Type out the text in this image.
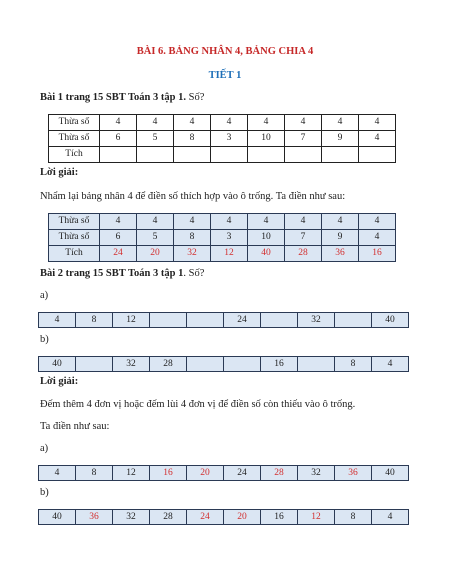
BÀI 6. BẢNG NHÂN 4, BẢNG CHIA 4
TIẾT 1
Bài 1 trang 15 SBT Toán 3 tập 1. Số?
Thừa số	4	4	4	4	4	4	4	4
Thừa số	6	5	8	3	10	7	9	4
Tích								
Lời giải:
Nhẩm lại bảng nhân 4 để điền số thích hợp vào ô trống. Ta điền như sau:
Thừa số	4	4	4	4	4	4	4	4
Thừa số	6	5	8	3	10	7	9	4
Tích	24	20	32	12	40	28	36	16
Bài 2 trang 15 SBT Toán 3 tập 1. Số?
a)
4	8	12			24		32		40
b)
40		32	28			16		8	4
Lời giải:
Đếm thêm 4 đơn vị hoặc đếm lùi 4 đơn vị để điền số còn thiếu vào ô trống.
Ta điền như sau:
a)
4	8	12	16	20	24	28	32	36	40
b)
40	36	32	28	24	20	16	12	8	4
